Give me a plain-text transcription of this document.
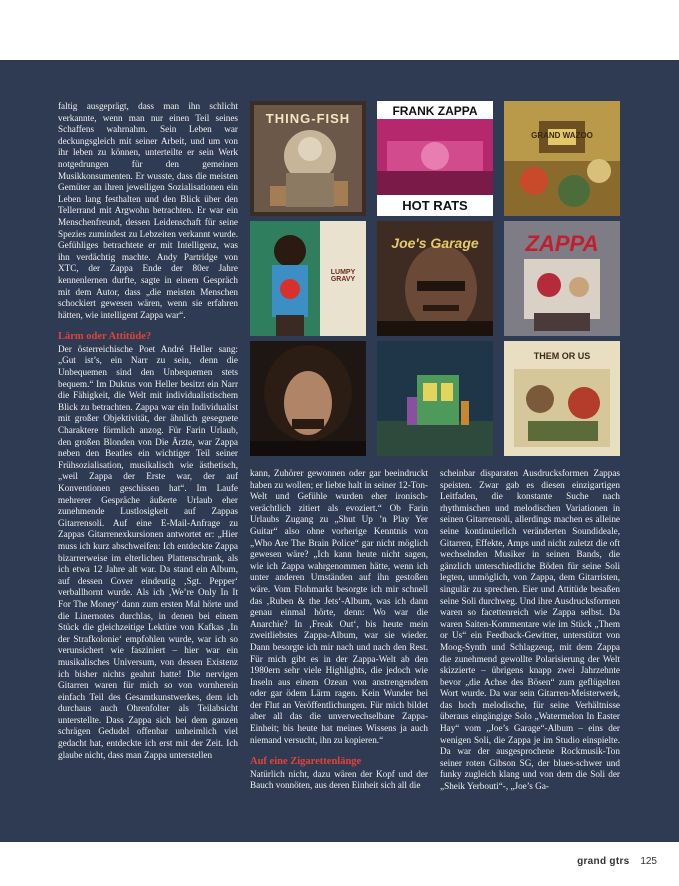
faltig ausgeprägt, dass man ihn schlicht verkannte, wenn man nur einen Teil seines Schaffens wahrnahm. Sein Leben war deckungsgleich mit seiner Arbeit, und um von ihr leben zu können, unterteilte er sein Werk notgedrungen für den gemeinen Musikkonsumenten. Er wusste, dass die meisten Gemüter an ihren jeweiligen Sozialisationen ein Leben lang festhalten und den Blick über den Tellerrand mit Argwohn betrachten. Er war ein Menschenfreund, dessen Leidenschaft für seine Spezies zumindest zu Lebzeiten verkannt wurde. Gefühliges betrachtete er mit Intelligenz, was ihn verdächtig machte. Andy Partridge von XTC, der Zappa Ende der 80er Jahre kennenlernen durfte, sagte in einem Gespräch mit dem Autor, dass „die meisten Menschen schockiert gewesen wären, wenn sie erfahren hätten, wie intelligent Zappa war“.

Lärm oder Attitüde?

Der österreichische Poet André Heller sang: „Gut ist’s, ein Narr zu sein, denn die Unbequemen sind den Unbequemen stets bequem.“ Im Duktus von Heller besitzt ein Narr die Fähigkeit, die Welt mit individualistischem Blick zu betrachten. Zappa war ein Individualist mit großer Objektivität, der ähnlich gesegnete Charaktere förmlich anzog. Für Farin Urlaub, den großen Blonden von Die Ärzte, war Zappa neben den Beatles ein wichtiger Teil seiner Frühsozialisation, musikalisch wie ästhetisch, „weil Zappa der Erste war, der auf Konventionen geschissen hat“. Im Laufe mehrerer Gespräche äußerte Urlaub eher zunehmende Lustlosigkeit auf Zappas Gitarrensoli. Auf eine E-Mail-Anfrage zu Zappas Gitarrenexkursionen antwortet er: „Hier muss ich kurz abschweifen: Ich entdeckte Zappa bizarrerweise im elterlichen Plattenschrank, als ich etwa 12 Jahre alt war. Da stand ein Album, auf dessen Cover eindeutig ‚Sgt. Pepper‘ verballhornt wurde. Als ich ‚We’re Only In It For The Money‘ dann zum ersten Mal hörte und die Linernotes durchlas, in denen bei einem Stück die gleichzeitige Lektüre von Kafkas ‚In der Strafkolonie‘ empfohlen wurde, war ich so verunsichert wie fasziniert – hier war ein musikalisches Universum, von dessen Existenz ich bisher nichts geahnt hatte! Die nervigen Gitarren waren für mich so von vornherein einfach Teil des Gesamtkunstwerkes, dem ich durchaus auch Ohrenfolter als Teilabsicht unterstellte. Dass Zappa sich bei dem ganzen schrägen Gedudel offenbar unheimlich viel gedacht hat, entdeckte ich erst mit der Zeit. Ich glaube nicht, dass man Zappa unterstellen

THING-FISH	FRANK ZAPPA
HOT RATS
GRAND WAZOO
LUMPY GRAVY
Joe's Garage	ZAPPA
THEM OR US

kann, Zuhörer gewonnen oder gar beeindruckt haben zu wollen; er liebte halt in seiner 12-Ton-Welt und Gefühle wurden eher ironisch-verächtlich zitiert als evoziert.“ Ob Farin Urlaubs Zugang zu „Shut Up ’n Play Yer Guitar“ also ohne vorherige Kenntnis von „Who Are The Brain Police“ gar nicht möglich gewesen wäre? „Ich kann heute nicht sagen, wie ich Zappa wahrgenommen hätte, wenn ich unter anderen Umständen auf ihn gestoßen wäre. Vom Flohmarkt besorgte ich mir schnell das ‚Ruben & the Jets‘-Album, was ich dann genau einmal hörte, denn: Wo war die Anarchie? In ‚Freak Out‘, bis heute mein zweitliebstes Zappa-Album, war sie wieder. Dann besorgte ich mir nach und nach den Rest. Für mich gibt es in der Zappa-Welt ab den 1980ern sehr viele Highlights, die jedoch wie Inseln aus einem Ozean von anstrengendem oder gar ödem Lärm ragen. Kein Wunder bei der Flut an Veröffentlichungen. Für mich bildet aber all das die unverwechselbare Zappa-Einheit; bis heute hat meines Wissens ja auch niemand versucht, ihn zu kopieren.“

Auf eine Zigarettenlänge

Natürlich nicht, dazu wären der Kopf und der Bauch vonnöten, aus deren Einheit sich all die

scheinbar disparaten Ausdrucksformen Zappas speisten. Zwar gab es diesen einzigartigen Leitfaden, die konstante Suche nach rhythmischen und melodischen Variationen in seinen Gitarrensoli, allerdings machen es alleine seine kontinuierlich veränderten Soundideale, Gitarren, Effekte, Amps und nicht zuletzt die oft wechselnden Musiker in seinen Bands, die gänzlich unterschiedliche Böden für seine Soli legten, unmöglich, von Zappa, dem Gitarristen, singulär zu sprechen. Eier und Attitüde besaßen seine Soli durchweg. Und ihre Ausdrucksformen waren so facettenreich wie Zappa selbst. Da waren Saiten-Kommentare wie im Stück „Them or Us“ ein Feedback-Gewitter, unterstützt von Moog-Synth und Schlagzeug, mit dem Zappa die zunehmend gewollte Polarisierung der Welt skizzierte – übrigens knapp zwei Jahrzehnte bevor „die Achse des Bösen“ zum geflügelten Wort wurde. Da war sein Gitarren-Meisterwerk, das hoch melodische, für seine Verhältnisse überaus eingängige Solo „Watermelon In Easter Hay“ vom „Joe’s Garage“-Album – eins der wenigen Soli, die Zappa je im Studio einspielte. Da war der ausgesprochene Rockmusik-Ton seiner roten Gibson SG, der blues-schwer und funky zugleich klang und von dem die Soli der „Sheik Yerbouti“-, „Joe’s Ga-

grand gtrs 125
